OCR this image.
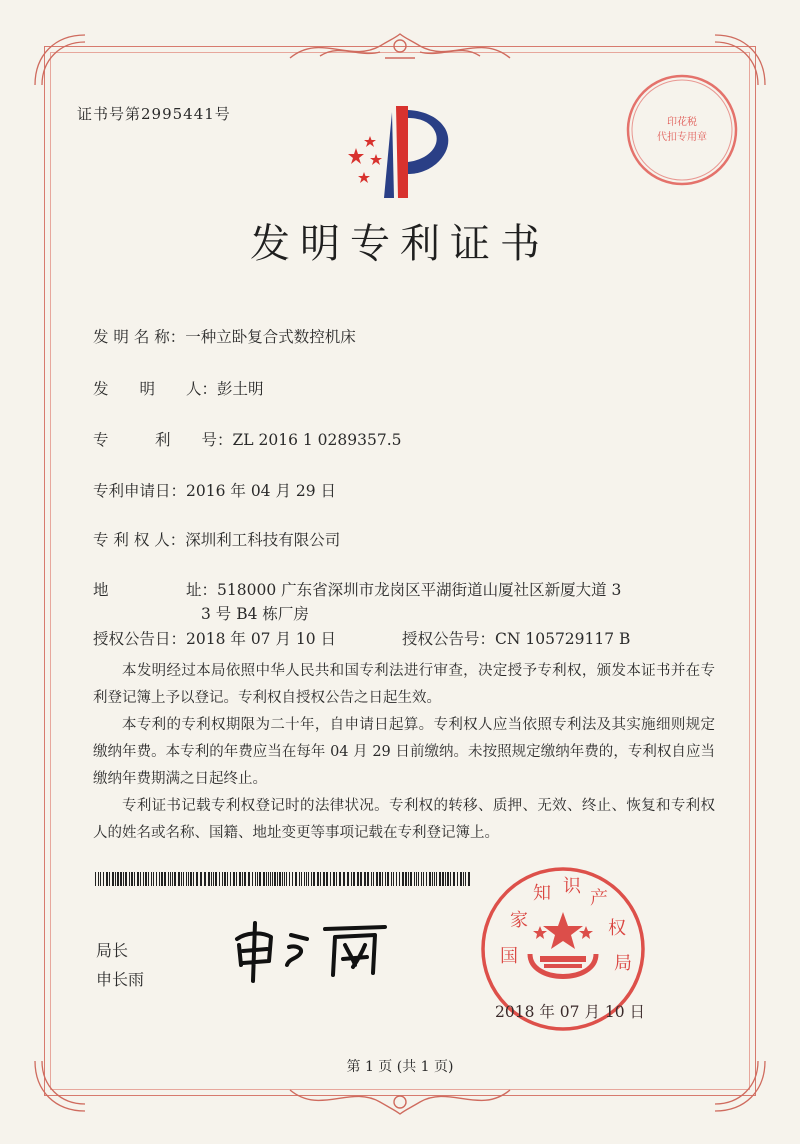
证书号第2995441号	印花税
代扣专用章
发明专利证书
发 明 名 称：一种立卧复合式数控机床
发　　明　　人：彭土明
专　　　利　　号：ZL 2016 1 0289357.5
专利申请日：2016 年 04 月 29 日
专 利 权 人：深圳利工科技有限公司
地　　　　　址：518000 广东省深圳市龙岗区平湖街道山厦社区新厦大道 3
3 号 B4 栋厂房
授权公告日：2018 年 07 月 10 日	授权公告号：CN 105729117 B

本发明经过本局依照中华人民共和国专利法进行审查，决定授予专利权，颁发本证书并在专利登记簿上予以登记。专利权自授权公告之日起生效。

本专利的专利权期限为二十年，自申请日起算。专利权人应当依照专利法及其实施细则规定缴纳年费。本专利的年费应当在每年 04 月 29 日前缴纳。未按照规定缴纳年费的，专利权自应当缴纳年费期满之日起终止。

专利证书记载专利权登记时的法律状况。专利权的转移、质押、无效、终止、恢复和专利权人的姓名或名称、国籍、地址变更等事项记载在专利登记簿上。

局长
申长雨
国
家
知 识
产
权
局
2018 年 07 月 10 日
第 1 页 (共 1 页)
